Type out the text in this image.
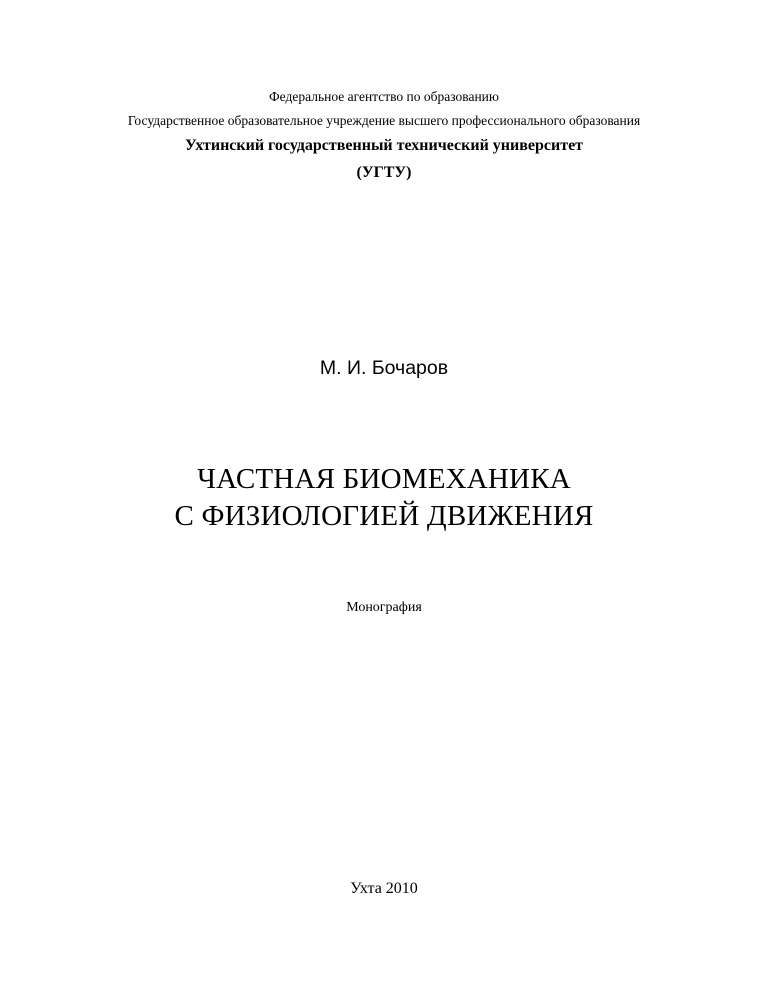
Федеральное агентство по образованию
Государственное образовательное учреждение высшего профессионального образования
Ухтинский государственный технический университет
(УГТУ)
М. И. Бочаров
ЧАСТНАЯ БИОМЕХАНИКА
С ФИЗИОЛОГИЕЙ ДВИЖЕНИЯ
Монография
Ухта 2010
